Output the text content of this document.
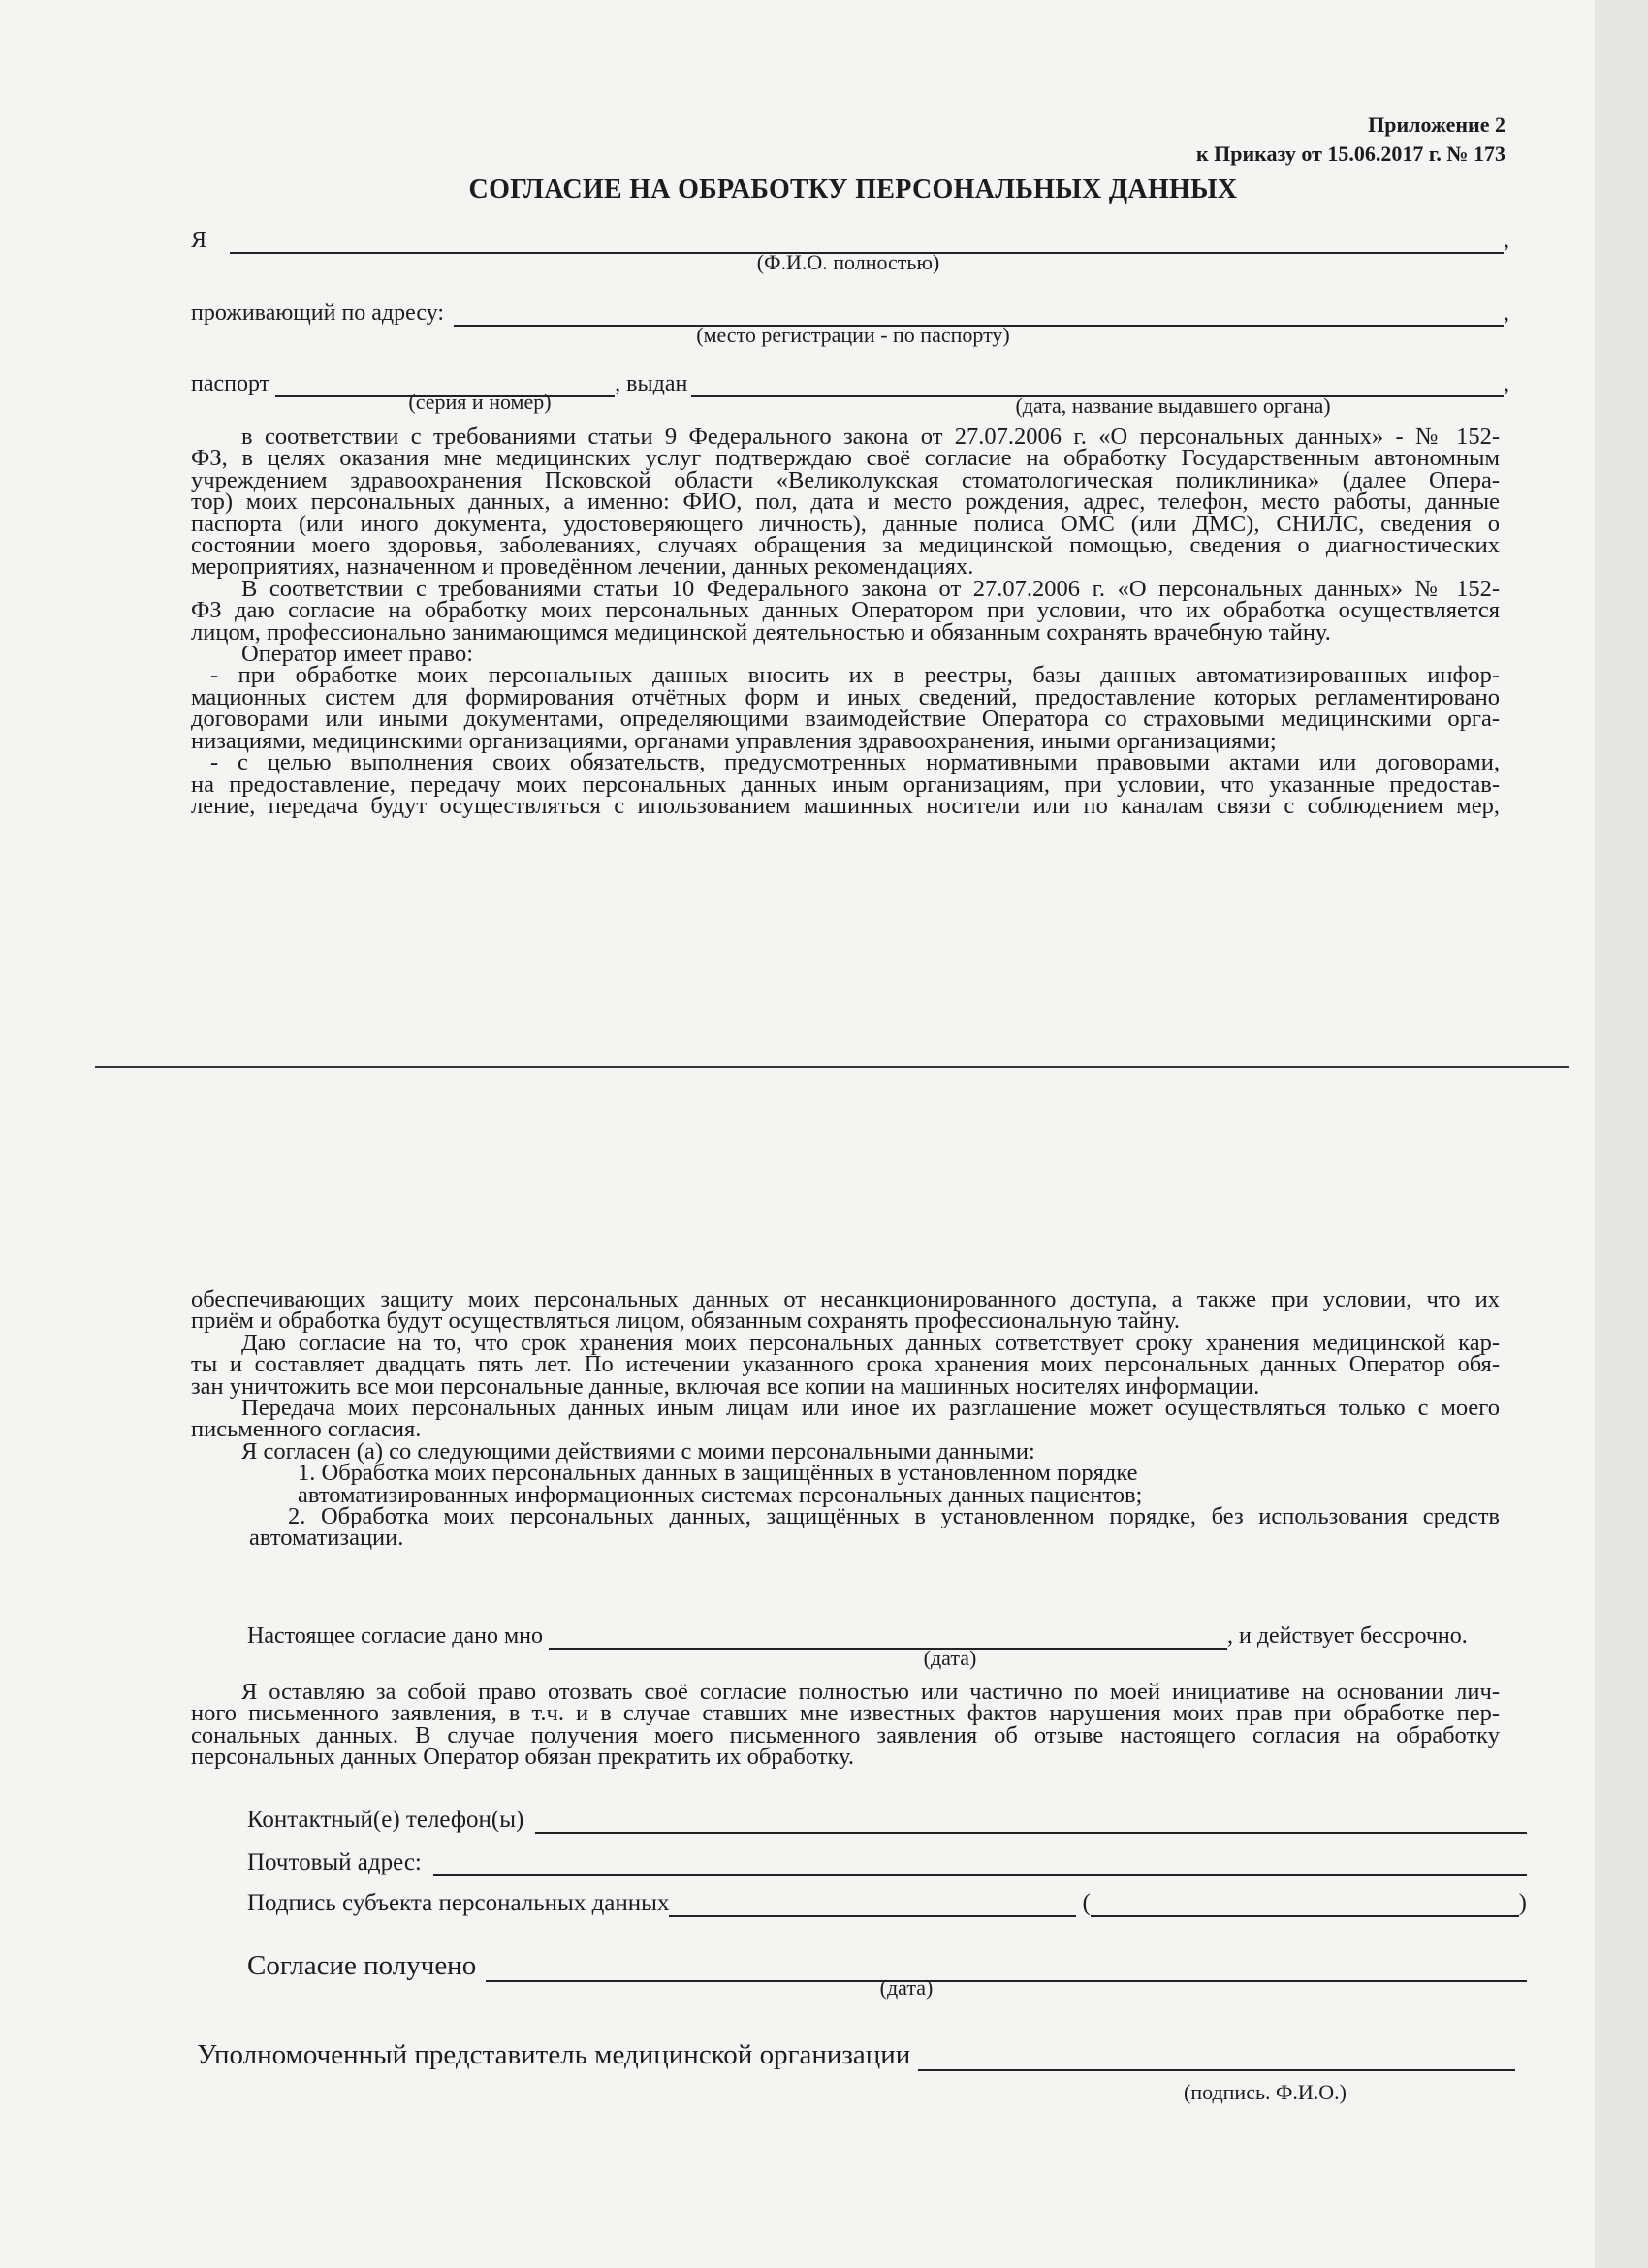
Приложение 2
к Приказу от 15.06.2017 г. № 173
СОГЛАСИЕ НА ОБРАБОТКУ ПЕРСОНАЛЬНЫХ ДАННЫХ
Я	,
(Ф.И.О. полностью)
проживающий по адресу:	,
(место регистрации - по паспорту)
паспорт	, выдан	,
(серия и номер)	(дата, название выдавшего органа)

в соответствии с требованиями статьи 9 Федерального закона от 27.07.2006 г. «О персональных данных» - № 152-

ФЗ, в целях оказания мне медицинских услуг подтверждаю своё согласие на обработку Государственным автономным
учреждением здравоохранения Псковской области «Великолукская стоматологическая поликлиника» (далее Опера-
тор) моих персональных данных, а именно: ФИО, пол, дата и место рождения, адрес, телефон, место работы, данные
паспорта (или иного документа, удостоверяющего личность), данные полиса ОМС (или ДМС), СНИЛС, сведения о
состоянии моего здоровья, заболеваниях, случаях обращения за медицинской помощью, сведения о диагностических
мероприятиях, назначенном и проведённом лечении, данных рекомендациях.

В соответствии с требованиями статьи 10 Федерального закона от 27.07.2006 г. «О персональных данных» № 152-

ФЗ даю согласие на обработку моих персональных данных Оператором при условии, что их обработка осуществляется
лицом, профессионально занимающимся медицинской деятельностью и обязанным сохранять врачебную тайну.

Оператор имеет право:

- при обработке моих персональных данных вносить их в реестры, базы данных автоматизированных инфор-

мационных систем для формирования отчётных форм и иных сведений, предоставление которых регламентировано
договорами или иными документами, определяющими взаимодействие Оператора со страховыми медицинскими орга-
низациями, медицинскими организациями, органами управления здравоохранения, иными организациями;

- с целью выполнения своих обязательств, предусмотренных нормативными правовыми актами или договорами,

на предоставление, передачу моих персональных данных иным организациям, при условии, что указанные предостав-
ление, передача будут осуществляться с ипользованием машинных носители или по каналам связи с соблюдением мер,

обеспечивающих защиту моих персональных данных от несанкционированного доступа, а также при условии, что их
приём и обработка будут осуществляться лицом, обязанным сохранять профессиональную тайну.

Даю согласие на то, что срок хранения моих персональных данных сответствует сроку хранения медицинской кар-

ты и составляет двадцать пять лет. По истечении указанного срока хранения моих персональных данных Оператор обя-
зан уничтожить все мои персональные данные, включая все копии на машинных носителях информации.

Передача моих персональных данных иным лицам или иное их разглашение может осуществляться только с моего

письменного согласия.

Я согласен (а) со следующими действиями с моими персональными данными:

1. Обработка моих персональных данных в защищённых в установленном порядке
автоматизированных информационных системах персональных данных пациентов;

2. Обработка моих персональных данных, защищённых в установленном порядке, без использования средств

автоматизации.

Настоящее согласие дано мно	, и действует бессрочно.
(дата)

Я оставляю за собой право отозвать своё согласие полностью или частично по моей инициативе на основании лич-

ного письменного заявления, в т.ч. и в случае ставших мне известных фактов нарушения моих прав при обработке пер-
сональных данных. В случае получения моего письменного заявления об отзыве настоящего согласия на обработку
персональных данных Оператор обязан прекратить их обработку.

Контактный(е) телефон(ы)
Почтовый адрес:
Подпись субъекта персональных данных	(	)
Согласие получено
(дата)
Уполномоченный представитель медицинской организации
(подпись. Ф.И.О.)
